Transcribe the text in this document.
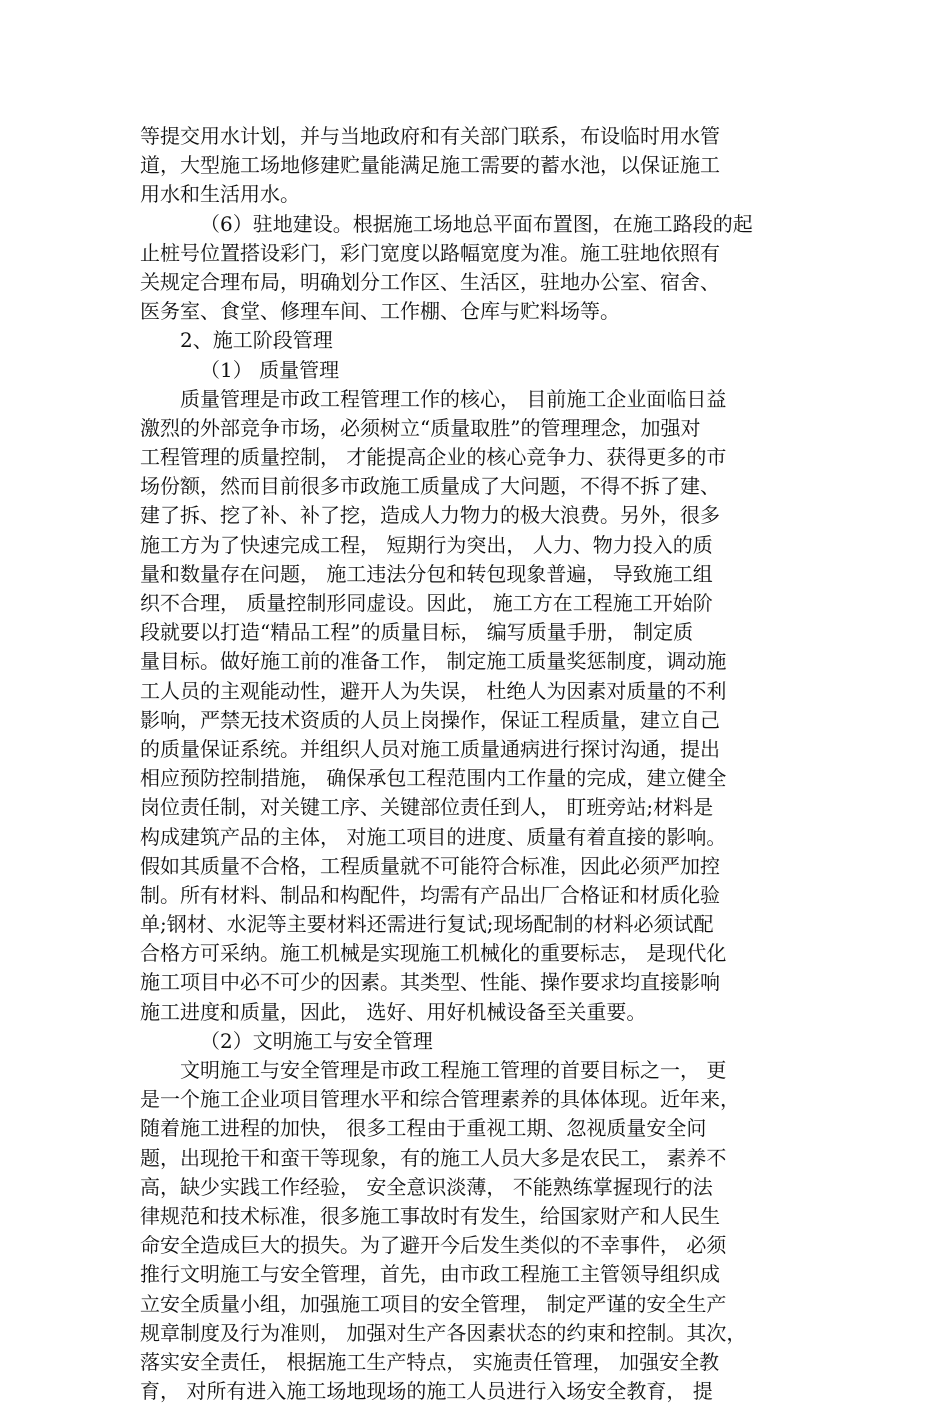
等提交用水计划，并与当地政府和有关部门联系，布设临时用水管
道，大型施工场地修建贮量能满足施工需要的蓄水池，以保证施工
用水和生活用水。
（6）驻地建设。根据施工场地总平面布置图，在施工路段的起
止桩号位置搭设彩门，彩门宽度以路幅宽度为准。施工驻地依照有
关规定合理布局，明确划分工作区、生活区，驻地办公室、宿舍、
医务室、食堂、修理车间、工作棚、仓库与贮料场等。
2、施工阶段管理
（1） 质量管理
质量管理是市政工程管理工作的核心， 目前施工企业面临日益
激烈的外部竞争市场，必须树立“质量取胜”的管理理念，加强对
工程管理的质量控制， 才能提高企业的核心竞争力、获得更多的市
场份额，然而目前很多市政施工质量成了大问题，不得不拆了建、
建了拆、挖了补、补了挖，造成人力物力的极大浪费。另外，很多
施工方为了快速完成工程， 短期行为突出， 人力、物力投入的质
量和数量存在问题， 施工违法分包和转包现象普遍， 导致施工组
织不合理， 质量控制形同虚设。因此， 施工方在工程施工开始阶
段就要以打造“精品工程”的质量目标， 编写质量手册， 制定质
量目标。做好施工前的准备工作， 制定施工质量奖惩制度，调动施
工人员的主观能动性，避开人为失误， 杜绝人为因素对质量的不利
影响，严禁无技术资质的人员上岗操作，保证工程质量，建立自己
的质量保证系统。并组织人员对施工质量通病进行探讨沟通，提出
相应预防控制措施， 确保承包工程范围内工作量的完成，建立健全
岗位责任制，对关键工序、关键部位责任到人， 盯班旁站;材料是
构成建筑产品的主体， 对施工项目的进度、质量有着直接的影响。
假如其质量不合格，工程质量就不可能符合标准，因此必须严加控
制。所有材料、制品和构配件，均需有产品出厂合格证和材质化验
单;钢材、水泥等主要材料还需进行复试;现场配制的材料必须试配
合格方可采纳。施工机械是实现施工机械化的重要标志， 是现代化
施工项目中必不可少的因素。其类型、性能、操作要求均直接影响
施工进度和质量，因此， 选好、用好机械设备至关重要。
（2）文明施工与安全管理
文明施工与安全管理是市政工程施工管理的首要目标之一， 更
是一个施工企业项目管理水平和综合管理素养的具体体现。近年来，
随着施工进程的加快， 很多工程由于重视工期、忽视质量安全问
题，出现抢干和蛮干等现象，有的施工人员大多是农民工， 素养不
高，缺少实践工作经验， 安全意识淡薄， 不能熟练掌握现行的法
律规范和技术标准，很多施工事故时有发生，给国家财产和人民生
命安全造成巨大的损失。为了避开今后发生类似的不幸事件， 必须
推行文明施工与安全管理，首先，由市政工程施工主管领导组织成
立安全质量小组，加强施工项目的安全管理， 制定严谨的安全生产
规章制度及行为准则， 加强对生产各因素状态的约束和控制。其次，
落实安全责任， 根据施工生产特点， 实施责任管理， 加强安全教
育， 对所有进入施工场地现场的施工人员进行入场安全教育， 提
